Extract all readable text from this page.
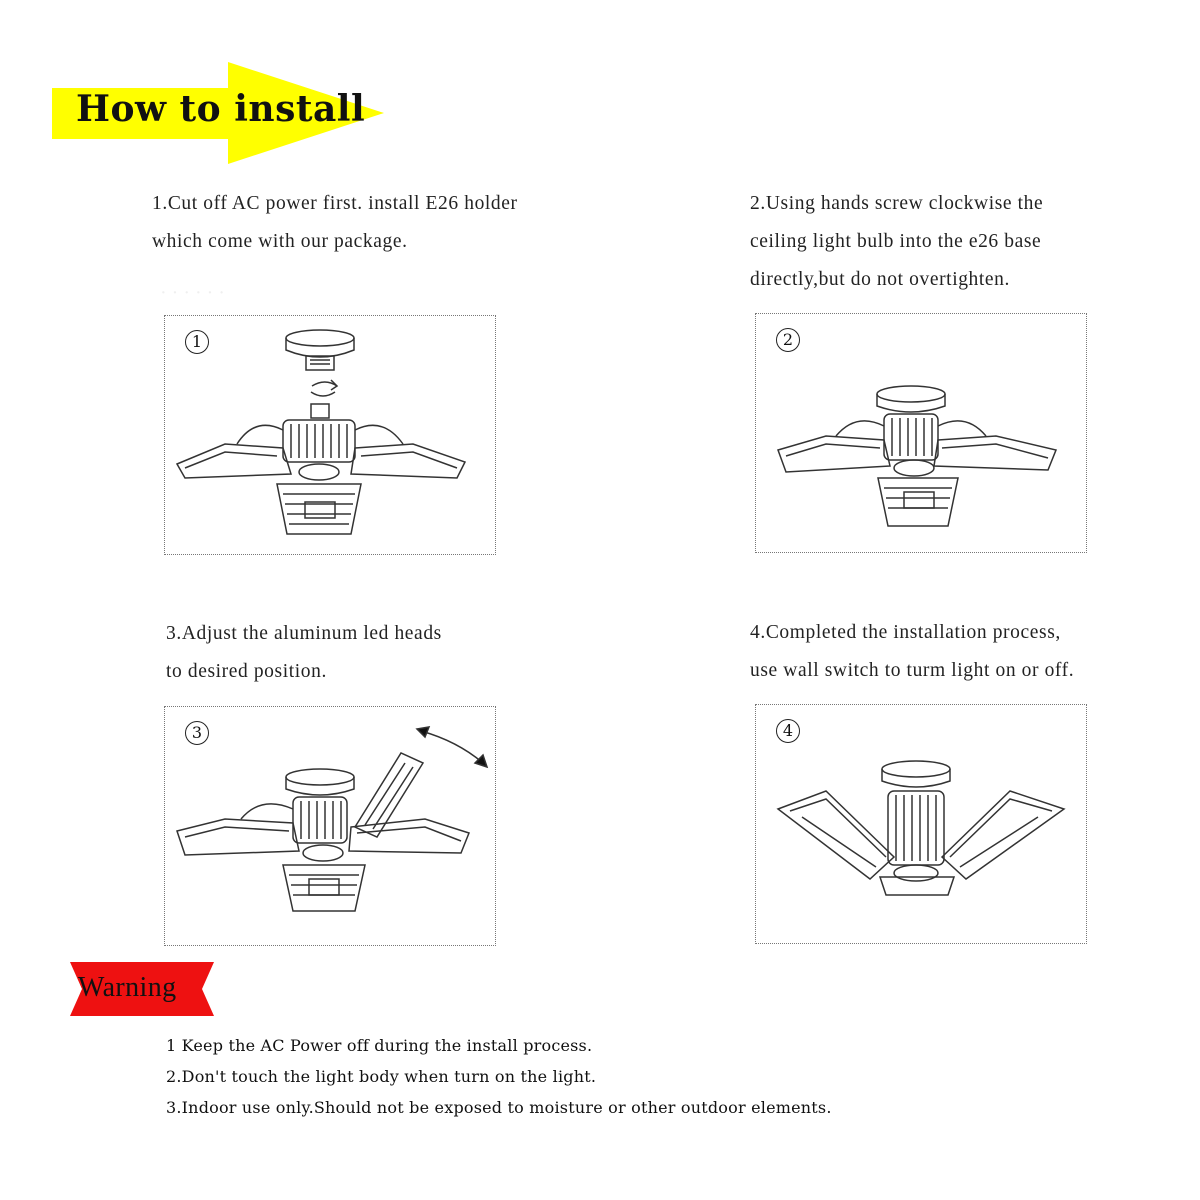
· · · · · ·
How to install
1.Cut off AC power first. install E26 holder
which come with our package.
2.Using hands screw clockwise the
ceiling light bulb into the e26 base
directly,but do not overtighten.
3.Adjust the aluminum led heads
to desired position.
4.Completed the installation process,
use wall switch to turm light on or off.
1	2
3	4
Warning
1 Keep the AC Power off during the install process.
2.Don't touch the light body when turn on the light.
3.Indoor use only.Should not be exposed to moisture or other outdoor elements.
